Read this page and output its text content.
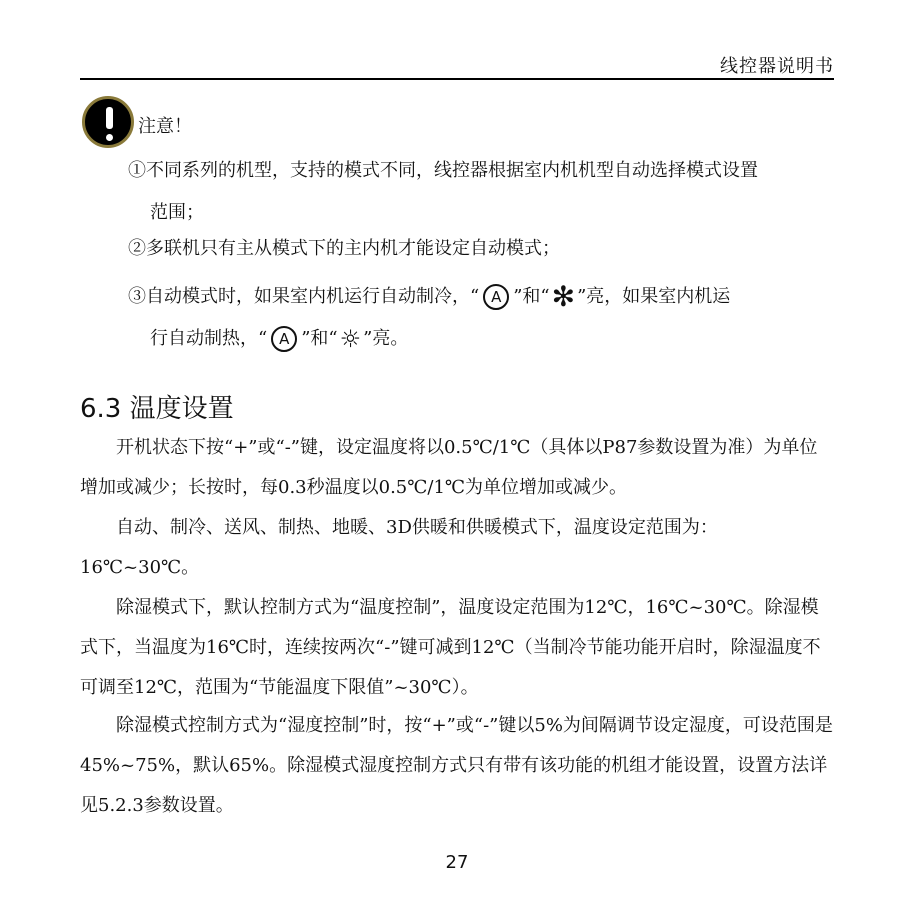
线控器说明书
注意！
①不同系列的机型，支持的模式不同，线控器根据室内机机型自动选择模式设置
范围；
②多联机只有主从模式下的主内机才能设定自动模式；
③自动模式时，如果室内机运行自动制冷，“ A ”和“✻ ”亮，如果室内机运
行自动制热，“ A ”和“☼ ”亮。
6.3 温度设置
开机状态下按“+”或“-”键，设定温度将以0.5℃/1℃（具体以P87参数设置为准）为单位增加或减少；长按时，每0.3秒温度以0.5℃/1℃为单位增加或减少。
自动、制冷、送风、制热、地暖、3D供暖和供暖模式下，温度设定范围为：16℃~30℃。
除湿模式下，默认控制方式为“温度控制”，温度设定范围为12℃，16℃~30℃。除湿模式下，当温度为16℃时，连续按两次“-”键可减到12℃（当制冷节能功能开启时，除湿温度不可调至12℃，范围为“节能温度下限值”~30℃）。
除湿模式控制方式为“湿度控制”时，按“+”或“-”键以5%为间隔调节设定湿度，可设范围是45%~75%，默认65%。除湿模式湿度控制方式只有带有该功能的机组才能设置，设置方法详见5.2.3参数设置。
27
